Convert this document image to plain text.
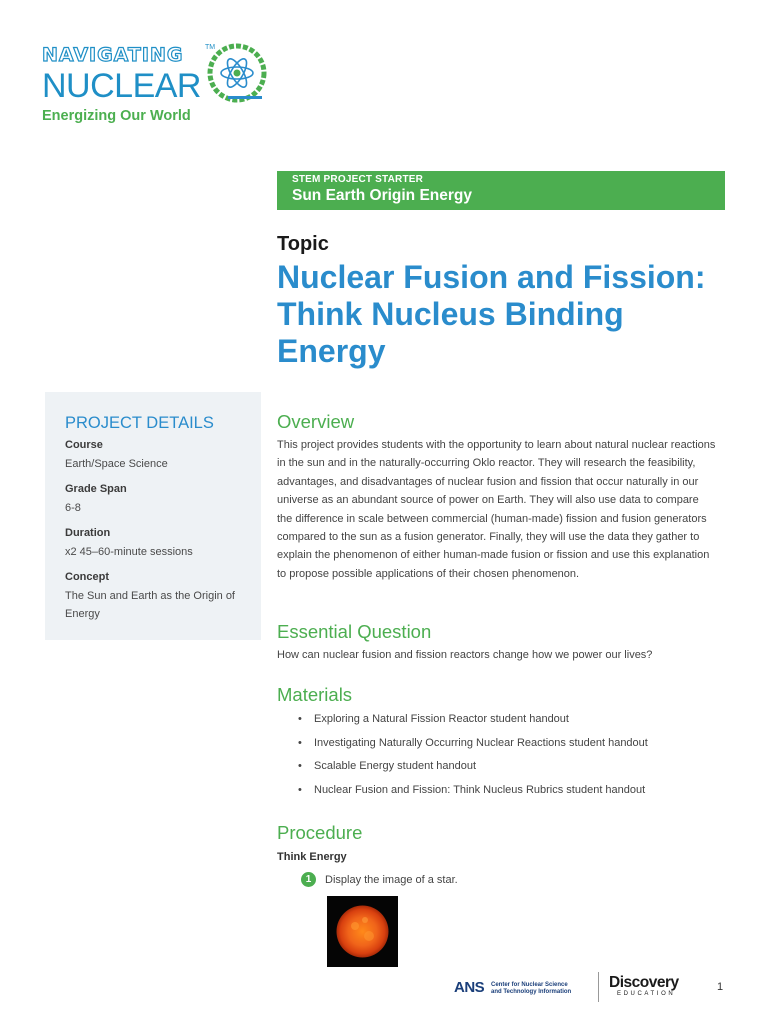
NAVIGATING	TM
NUCLEAR
Energizing Our World
STEM PROJECT STARTER
Sun Earth Origin Energy
Topic
Nuclear Fusion and Fission: Think Nucleus Binding Energy
PROJECT DETAILS
Course
Earth/Space Science
Grade Span
6-8
Duration
x2 45–60-minute sessions
Concept
The Sun and Earth as the Origin of Energy
Overview
This project provides students with the opportunity to learn about natural nuclear reactions in the sun and in the naturally-occurring Oklo reactor. They will research the feasibility, advantages, and disadvantages of nuclear fusion and fission that occur naturally in our universe as an abundant source of power on Earth. They will also use data to compare the difference in scale between commercial (human-made) fission and fusion generators compared to the sun as a fusion generator. Finally, they will use the data they gather to explain the phenomenon of either human-made fusion or fission and use this explanation to propose possible applications of their chosen phenomenon.
Essential Question
How can nuclear fusion and fission reactors change how we power our lives?
Materials
• Exploring a Natural Fission Reactor student handout
• Investigating Naturally Occurring Nuclear Reactions student handout
• Scalable Energy student handout
• Nuclear Fusion and Fission: Think Nucleus Rubrics student handout
Procedure
Think Energy
1	Display the image of a star.
ANS Center for Nuclear Science
and Technology Information
Discovery
EDUCATION
1
